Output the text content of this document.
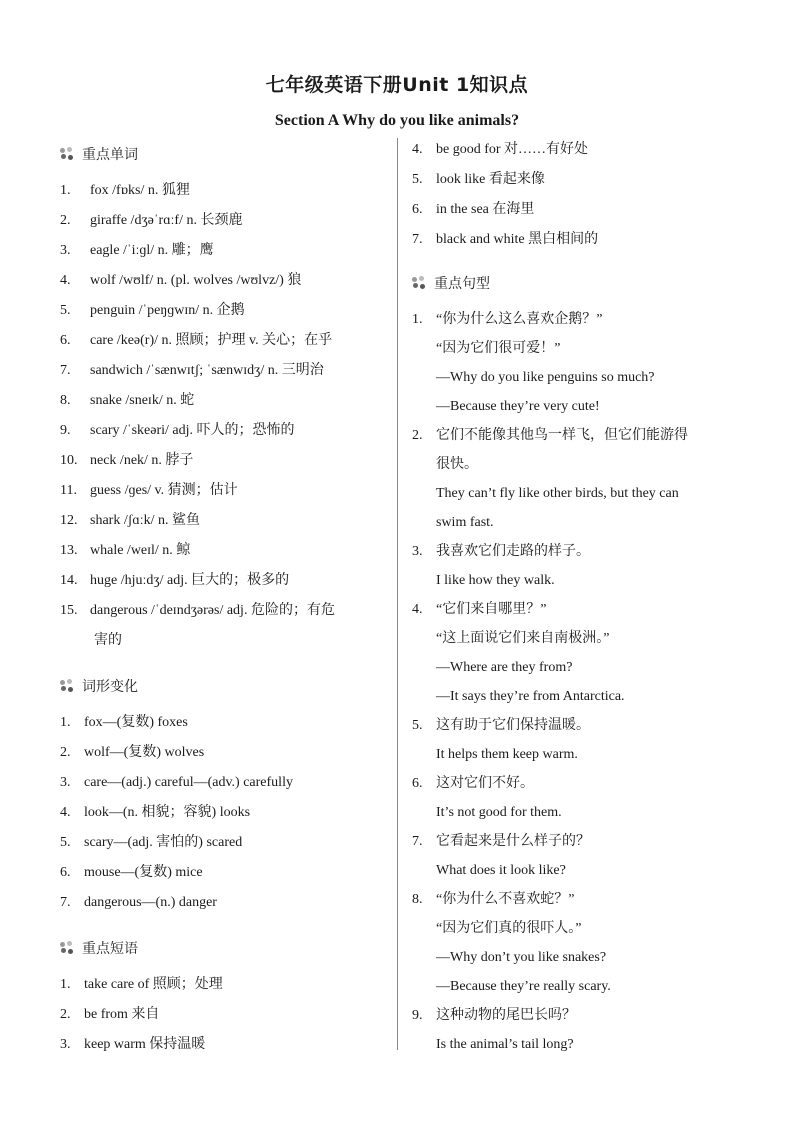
七年级英语下册Unit 1知识点
Section A Why do you like animals?
重点单词
1.	fox /fɒks/ n. 狐狸
2.	giraffe /dʒəˈrɑːf/ n. 长颈鹿
3.	eagle /ˈiːɡl/ n. 雕；鹰
4.	wolf /wʊlf/ n. (pl. wolves /wʊlvz/) 狼
5.	penguin /ˈpeŋɡwɪn/ n. 企鹅
6.	care /keə(r)/ n. 照顾；护理 v. 关心；在乎
7.	sandwich /ˈsænwɪtʃ; ˈsænwɪdʒ/ n. 三明治
8.	snake /sneɪk/ n. 蛇
9.	scary /ˈskeəri/ adj. 吓人的；恐怖的
10. neck /nek/ n. 脖子
11. guess /ɡes/ v. 猜测；估计
12. shark /ʃɑːk/ n. 鲨鱼
13. whale /weɪl/ n. 鲸
14. huge /hjuːdʒ/ adj. 巨大的；极多的
15. dangerous /ˈdeɪndʒərəs/ adj. 危险的；有危
害的
词形变化
1. fox—(复数) foxes
2. wolf—(复数) wolves
3. care—(adj.) careful—(adv.) carefully
4. look—(n. 相貌；容貌) looks
5. scary—(adj. 害怕的) scared
6. mouse—(复数) mice
7. dangerous—(n.) danger
重点短语
1. take care of 照顾；处理
2. be from 来自
3. keep warm 保持温暖
4. be good for 对……有好处
5. look like 看起来像
6. in the sea 在海里
7. black and white 黑白相间的
重点句型
1. “你为什么这么喜欢企鹅？”
“因为它们很可爱！”
—Why do you like penguins so much?
—Because they’re very cute!
2. 它们不能像其他鸟一样飞，但它们能游得
很快。
They can’t fly like other birds, but they can
swim fast.
3. 我喜欢它们走路的样子。
I like how they walk.
4. “它们来自哪里？”
“这上面说它们来自南极洲。”
—Where are they from?
—It says they’re from Antarctica.
5. 这有助于它们保持温暖。
It helps them keep warm.
6. 这对它们不好。
It’s not good for them.
7. 它看起来是什么样子的？
What does it look like?
8. “你为什么不喜欢蛇？”
“因为它们真的很吓人。”
—Why don’t you like snakes?
—Because they’re really scary.
9. 这种动物的尾巴长吗？
Is the animal’s tail long?
